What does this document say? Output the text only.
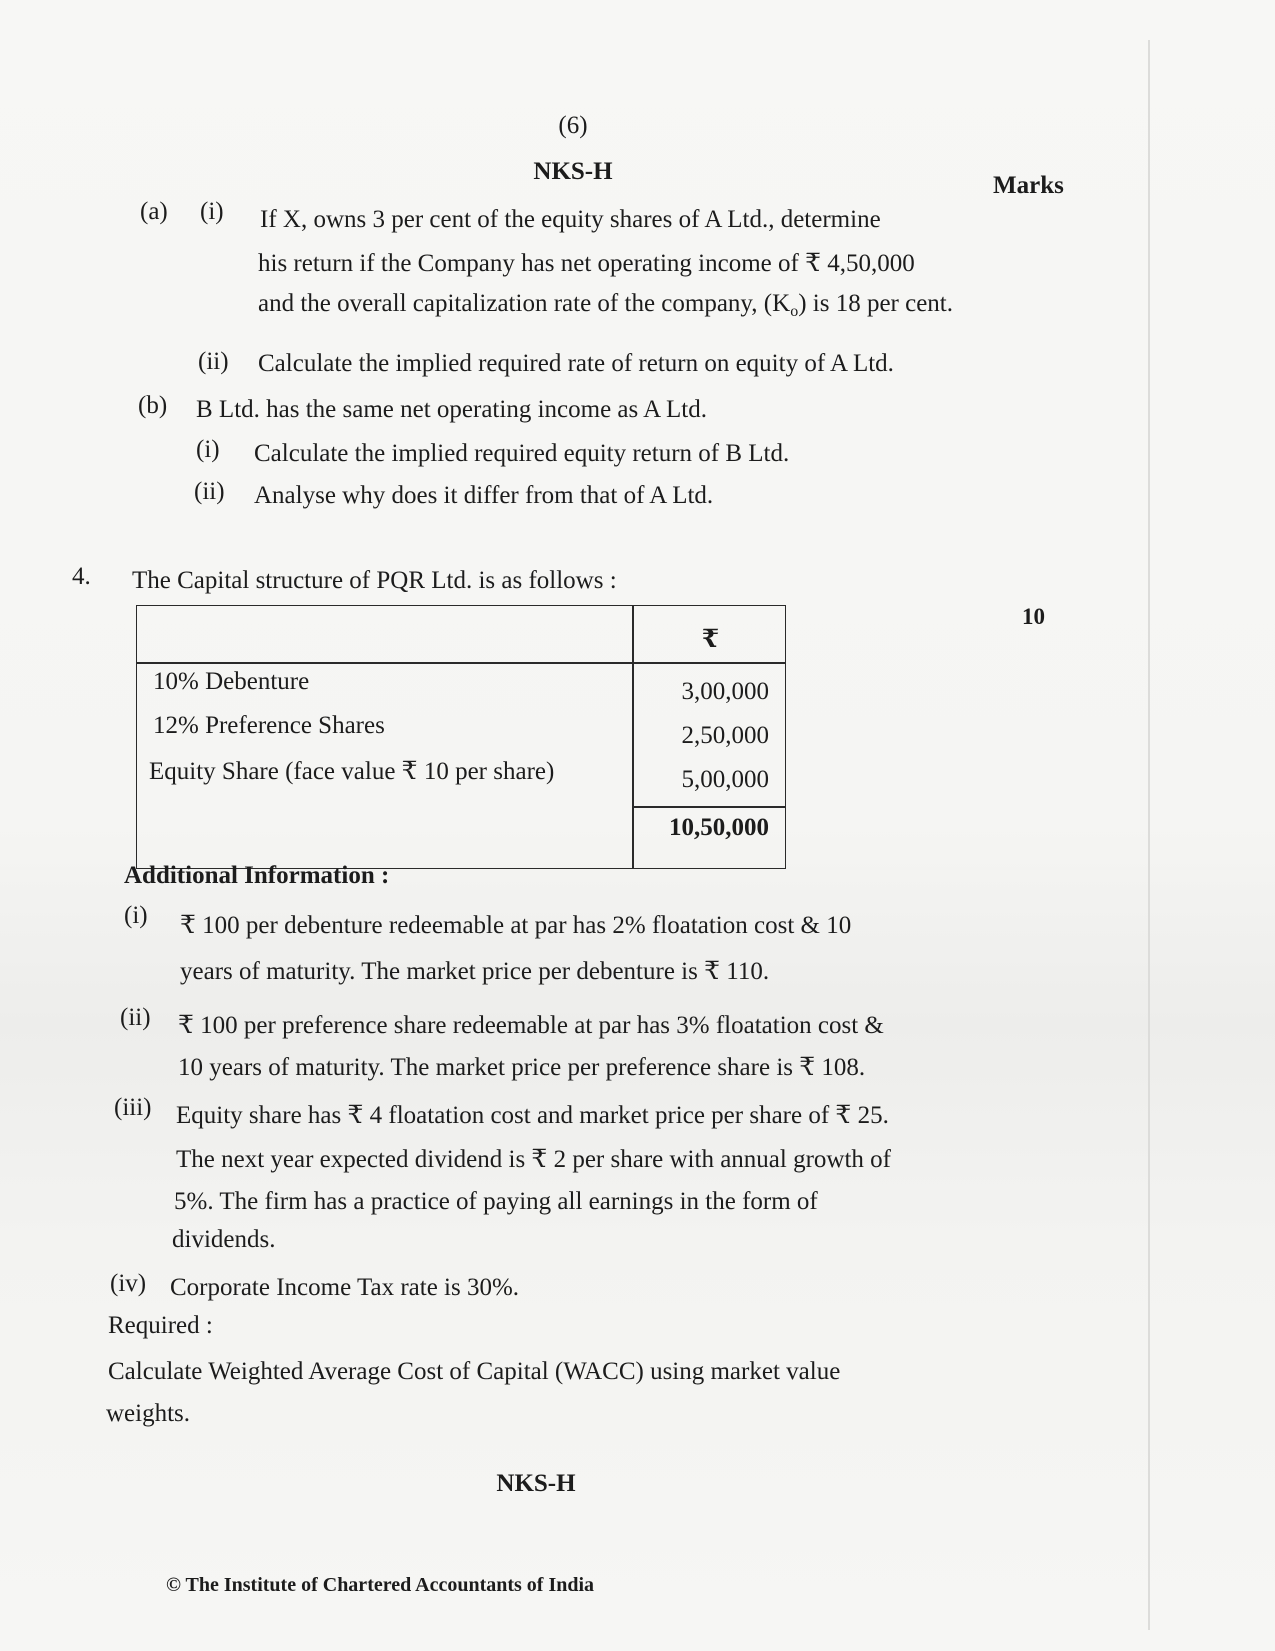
(6)
NKS-H
Marks
(a) (i) If X, owns 3 per cent of the equity shares of A Ltd., determine
his return if the Company has net operating income of ₹ 4,50,000
and the overall capitalization rate of the company, $(K_o)$ is 18 per cent.
(ii) Calculate the implied required rate of return on equity of A Ltd.
(b) B Ltd. has the same net operating income as A Ltd.
(i) Calculate the implied required equity return of B Ltd.
(ii) Analyse why does it differ from that of A Ltd.
4. The Capital structure of PQR Ltd. is as follows :
10
₹
10% Debenture	3,00,000
12% Preference Shares	2,50,000
Equity Share (face value ₹ 10 per share)	5,00,000
10,50,000
Additional Information :
(i) ₹ 100 per debenture redeemable at par has 2% floatation cost & 10
years of maturity. The market price per debenture is ₹ 110.
(ii) ₹ 100 per preference share redeemable at par has 3% floatation cost &
10 years of maturity. The market price per preference share is ₹ 108.
(iii) Equity share has ₹ 4 floatation cost and market price per share of ₹ 25.
The next year expected dividend is ₹ 2 per share with annual growth of
5%. The firm has a practice of paying all earnings in the form of
dividends.
(iv) Corporate Income Tax rate is 30%.
Required :
Calculate Weighted Average Cost of Capital (WACC) using market value
weights.
NKS-H
© The Institute of Chartered Accountants of India
